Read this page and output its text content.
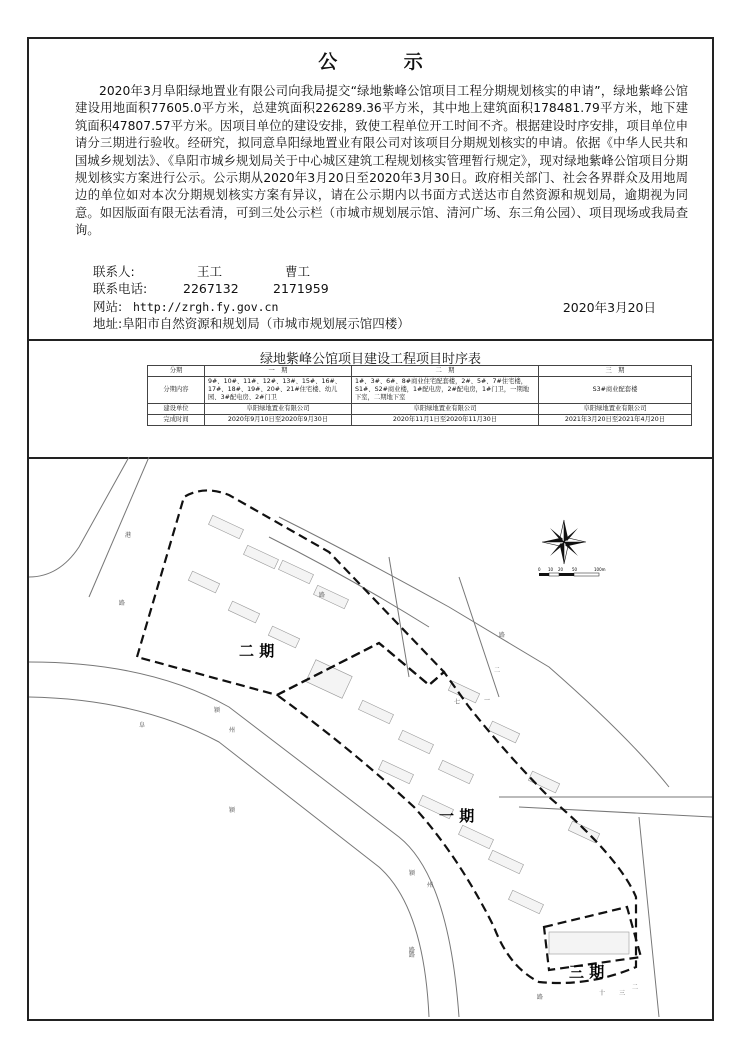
公 示
2020年3月阜阳绿地置业有限公司向我局提交“绿地紫峰公馆项目工程分期规划核实的申请”，绿地紫峰公馆建设用地面积77605.0平方米，总建筑面积226289.36平方米，其中地上建筑面积178481.79平方米，地下建筑面积47807.57平方米。因项目单位的建设安排，致使工程单位开工时间不齐。根据建设时序安排，项目单位申请分三期进行验收。经研究，拟同意阜阳绿地置业有限公司对该项目分期规划核实的申请。依据《中华人民共和国城乡规划法》、《阜阳市城乡规划局关于中心城区建筑工程规划核实管理暂行规定》，现对绿地紫峰公馆项目分期规划核实方案进行公示。公示期从2020年3月20日至2020年3月30日。政府相关部门、社会各界群众及用地周边的单位如对本次分期规划核实方案有异议，请在公示期内以书面方式送达市自然资源和规划局，逾期视为同意。如因版面有限无法看清，可到三处公示栏（市城市规划展示馆、清河广场、东三角公园）、项目现场或我局查询。
联系人:	王工	曹工
联系电话:	2267132	2171959
网站: http://zrgh.fy.gov.cn
地址:阜阳市自然资源和规划局（市城市规划展示馆四楼）
2020年3月20日
绿地紫峰公馆项目建设工程项目时序表
分期	一　期	二　期	三　期
分期内容	9#、10#、11#、12#、13#、15#、16#、17#、18#、19#、20#、21#住宅楼、幼儿园、3#配电房、2#门卫	1#、3#、6#、8#商业住宅配套楼，2#、5#、7#住宅楼，S1#、S2#商业楼，1#配电房，2#配电房，1#门卫，一期地下室，二期地下室	S3#商业配套楼
建设单位	阜阳绿地置业有限公司	阜阳绿地置业有限公司	阜阳绿地置业有限公司
完成时间	2020年9月10日至2020年9月30日	2020年11月1日至2020年11月30日	2021年3月20日至2021年4月20日
二 期
一 期
三 期
港
路
阜
路
颍
路
颍
州
七	一
二
路
三
十
二
路
颍
州
路
0 10 20 50	100m
